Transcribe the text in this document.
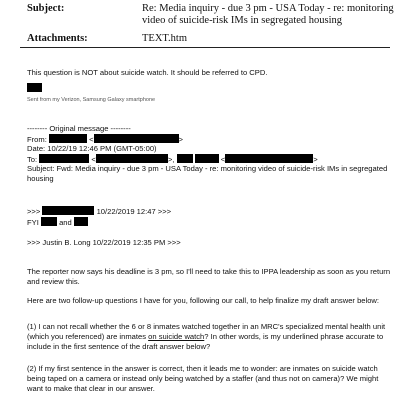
Subject:	Re: Media inquiry - due 3 pm - USA Today - re: monitoring video of suicide-risk IMs in segregated housing
Attachments:	TEXT.htm
This question is NOT about suicide watch. It should be referred to CPD.
Sent from my Verizon, Samsung Galaxy smartphone
-------- Original message --------
From:	<	>
Date: 10/22/19 12:46 PM (GMT-05:00)
To:	<	>,	<	>
Subject: Fwd: Media inquiry - due 3 pm - USA Today - re: monitoring video of suicide-risk IMs in segregated
housing
>>>	10/22/2019 12:47 >>>
FYI	and
>>> Justin B. Long 10/22/2019 12:35 PM >>>
The reporter now says his deadline is 3 pm, so I'll need to take this to IPPA leadership as soon as you return
and review this.
Here are two follow-up questions I have for you, following our call, to help finalize my draft answer below:
(1) I can not recall whether the 6 or 8 inmates watched together in an MRC's specialized mental health unit
(which you referenced) are inmates on suicide watch? In other words, is my underlined phrase accurate to
include in the first sentence of the draft answer below?
(2) If my first sentence in the answer is correct, then it leads me to wonder: are inmates on suicide watch
being taped on a camera or instead only being watched by a staffer (and thus not on camera)? We might
want to make that clear in our answer.
